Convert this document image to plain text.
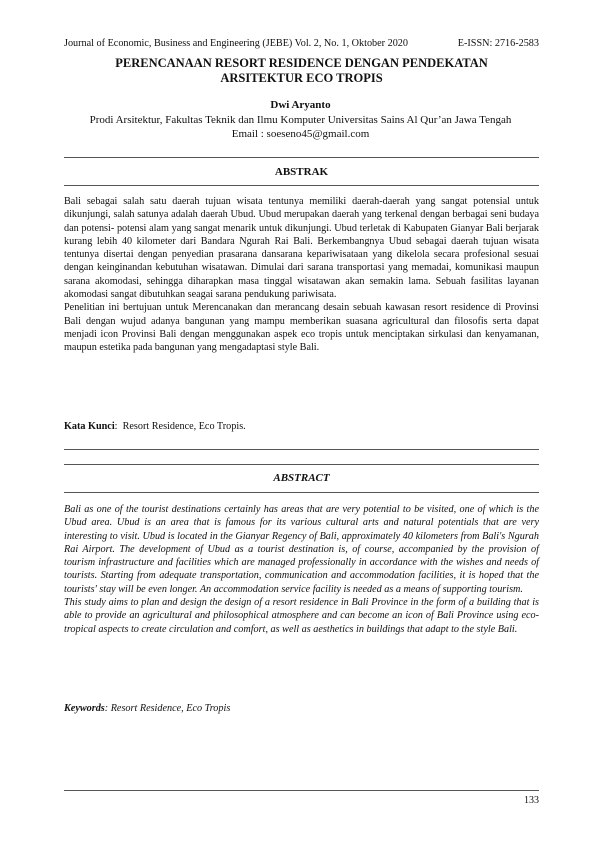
Journal of Economic, Business and Engineering (JEBE) Vol. 2, No. 1, Oktober 2020	E-ISSN: 2716-2583
PERENCANAAN RESORT RESIDENCE DENGAN PENDEKATAN
ARSITEKTUR ECO TROPIS
Dwi Aryanto
Prodi Arsitektur, Fakultas Teknik dan Ilmu Komputer Universitas Sains Al Qur’an Jawa Tengah
Email : soeseno45@gmail.com
ABSTRAK

Bali sebagai salah satu daerah tujuan wisata tentunya memiliki daerah-daerah yang sangat potensial untuk dikunjungi, salah satunya adalah daerah Ubud. Ubud merupakan daerah yang terkenal dengan berbagai seni budaya dan potensi- potensi alam yang sangat menarik untuk dikunjungi. Ubud terletak di Kabupaten Gianyar Bali berjarak kurang lebih 40 kilometer dari Bandara Ngurah Rai Bali. Berkembangnya Ubud sebagai daerah tujuan wisata tentunya disertai dengan penyedian prasarana dansarana kepariwisataan yang dikelola secara profesional sesuai dengan keinginandan kebutuhan wisatawan. Dimulai dari sarana transportasi yang memadai, komunikasi maupun sarana akomodasi, sehingga diharapkan masa tinggal wisatawan akan semakin lama. Sebuah fasilitas layanan akomodasi sangat dibutuhkan seagai sarana pendukung pariwisata.

Penelitian ini bertujuan untuk Merencanakan dan merancang desain sebuah kawasan resort residence di Provinsi Bali dengan wujud adanya bangunan yang mampu memberikan suasana agricultural dan filosofis serta dapat menjadi icon Provinsi Bali dengan menggunakan aspek eco tropis untuk menciptakan sirkulasi dan kenyamanan, maupun estetika pada bangunan yang mengadaptasi style Bali.

Kata Kunci: Resort Residence, Eco Tropis.
ABSTRACT

Bali as one of the tourist destinations certainly has areas that are very potential to be visited, one of which is the Ubud area. Ubud is an area that is famous for its various cultural arts and natural potentials that are very interesting to visit. Ubud is located in the Gianyar Regency of Bali, approximately 40 kilometers from Bali's Ngurah Rai Airport. The development of Ubud as a tourist destination is, of course, accompanied by the provision of tourism infrastructure and facilities which are managed professionally in accordance with the wishes and needs of tourists. Starting from adequate transportation, communication and accommodation facilities, it is hoped that the tourists' stay will be even longer. An accommodation service facility is needed as a means of supporting tourism.

This study aims to plan and design the design of a resort residence in Bali Province in the form of a building that is able to provide an agricultural and philosophical atmosphere and can become an icon of Bali Province using eco-tropical aspects to create circulation and comfort, as well as aesthetics in buildings that adapt to the style Bali.

Keywords: Resort Residence, Eco Tropis
133
